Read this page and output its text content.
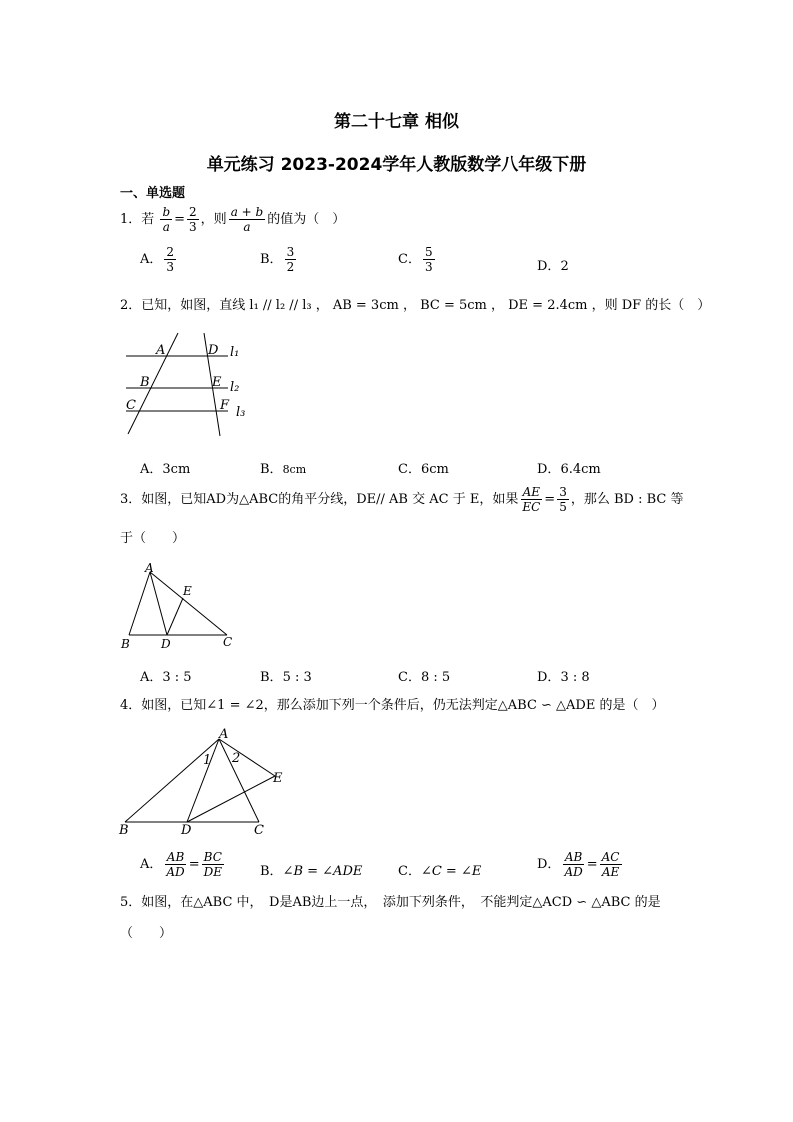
第二十七章 相似
单元练习 2023-2024学年人教版数学八年级下册
一、单选题
1．若 $\frac{b}{a} = \frac{2}{3}$ ，则 $\frac{a + b}{a}$ 的值为（　）
A． $\frac{2}{3}$	B． $\frac{3}{2}$	C． $\frac{5}{3}$	D．2
2．已知，如图，直线 l₁ // l₂ // l₃ ， AB = 3cm ， BC = 5cm ， DE = 2.4cm ，则 DF 的长（　）
A	D l₁
B	E l₂
C	F l₃
A．3cm	B．8cm	C．6cm	D．6.4cm
3．如图，已知AD为△ABC的角平分线，DE// AB 交 AC 于 E，如果 $\frac{AE}{EC} = \frac{3}{5}$ ，那么 BD : BC 等
于（　　）
A
E
B	D	C
A．3 : 5	B．5 : 3	C．8 : 5	D．3 : 8
4．如图，已知∠1 = ∠2，那么添加下列一个条件后，仍无法判定△ABC ∽ △ADE 的是（　）
A
1 2
E
B	D	C
A． $\frac{AB}{AD} = \frac{BC}{DE}$	B．∠B = ∠ADE	C．∠C = ∠E	D． $\frac{AB}{AD} = \frac{AC}{AE}$
5．如图，在△ABC 中，　D是AB边上一点，　添加下列条件，　不能判定△ACD ∽ △ABC 的是
（　　）
